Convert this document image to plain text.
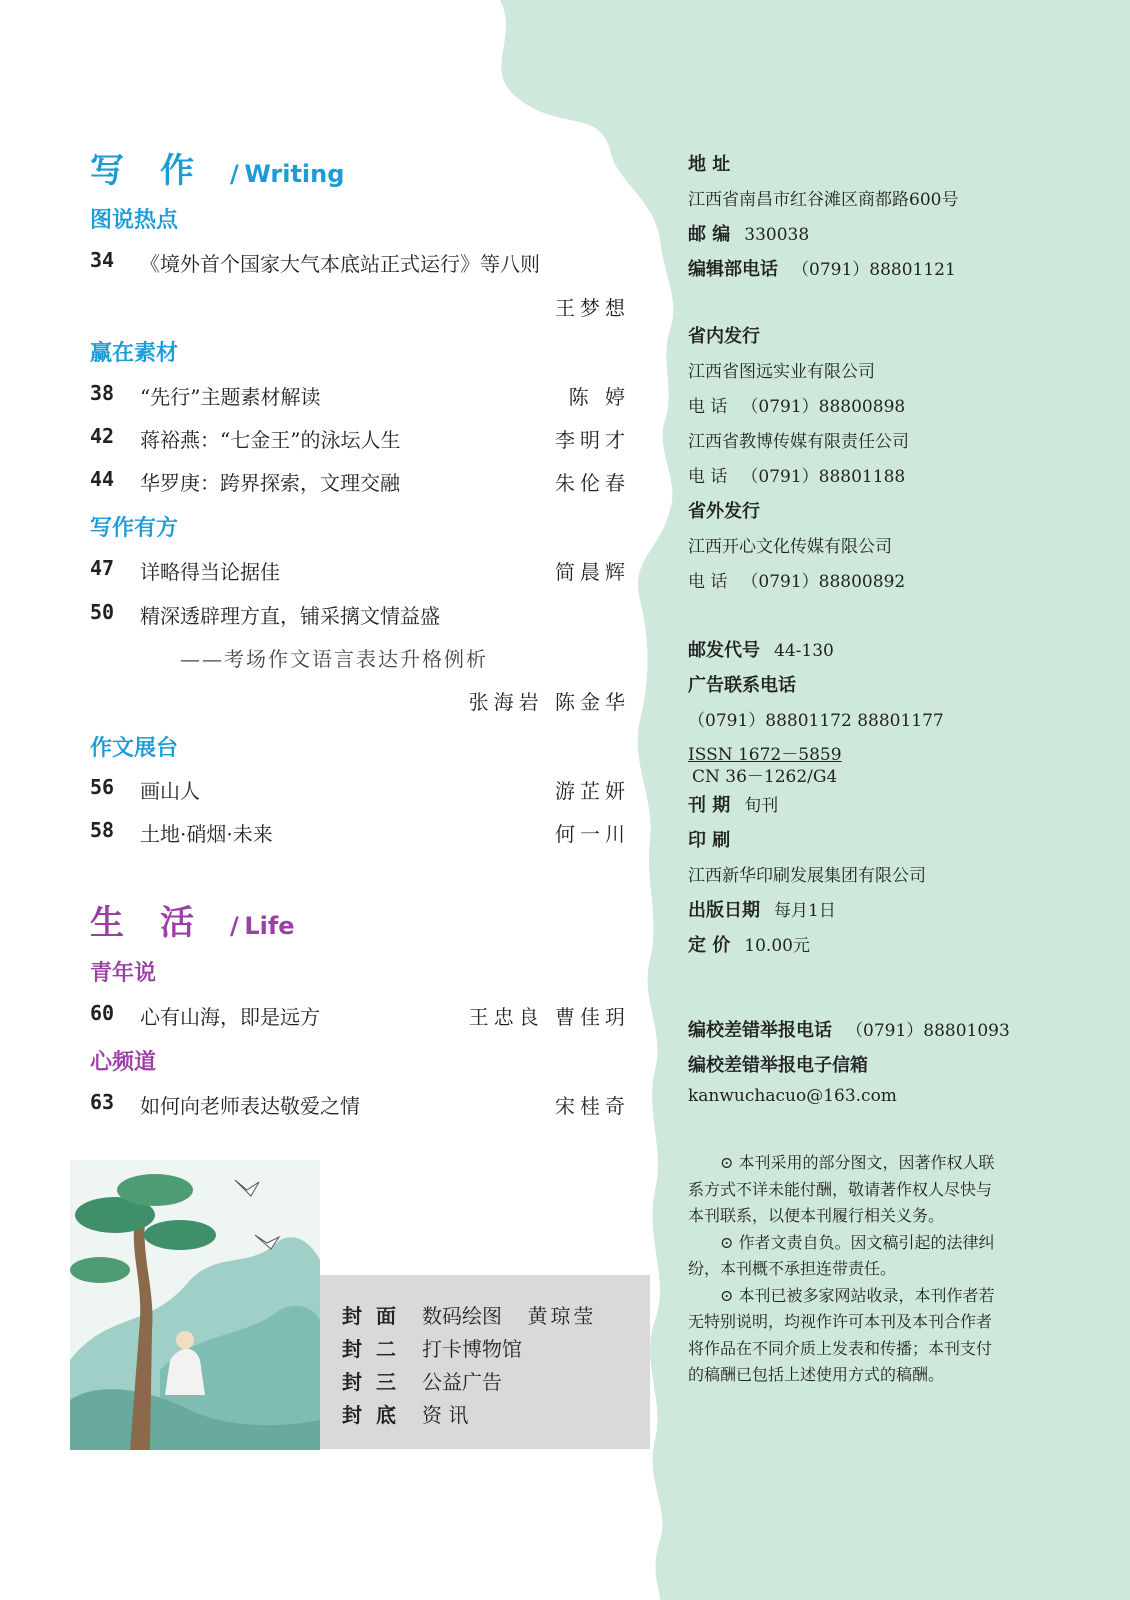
写作/ Writing
图说热点
34 《境外首个国家大气本底站正式运行》等八则
王梦想
赢在素材
38 “先行”主题素材解读	陈 婷
42 蒋裕燕：“七金王”的泳坛人生	李明才
44 华罗庚：跨界探索，文理交融	朱伦春
写作有方
47 详略得当论据佳	简晨辉
50 精深透辟理方直，铺采摛文情益盛
——考场作文语言表达升格例析
张海岩 陈金华
作文展台
56 画山人	游芷妍
58 土地·硝烟·未来	何一川
生活/ Life
青年说
60 心有山海，即是远方	王忠良 曹佳玥
心频道
63 如何向老师表达敬爱之情	宋桂奇
封面 数码绘图 黄琼莹
封二 打卡博物馆
封三 公益广告
封底 资 讯
地 址
江西省南昌市红谷滩区商都路600号
邮 编 330038
编辑部电话 （0791）88801121
省内发行
江西省图远实业有限公司
电 话 （0791）88800898
江西省教博传媒有限责任公司
电 话 （0791）88801188
省外发行
江西开心文化传媒有限公司
电 话 （0791）88800892
邮发代号 44-130
广告联系电话
（0791）88801172 88801177
ISSN 1672－5859
CN 36－1262/G4
刊 期 旬刊
印 刷
江西新华印刷发展集团有限公司
出版日期 每月1日
定 价 10.00元
编校差错举报电话 （0791）88801093
编校差错举报电子信箱
kanwuchacuo@163.com

⊙ 本刊采用的部分图文，因著作权人联系方式不详未能付酬，敬请著作权人尽快与本刊联系，以便本刊履行相关义务。

⊙ 作者文责自负。因文稿引起的法律纠纷，本刊概不承担连带责任。

⊙ 本刊已被多家网站收录，本刊作者若无特别说明，均视作许可本刊及本刊合作者将作品在不同介质上发表和传播；本刊支付的稿酬已包括上述使用方式的稿酬。
